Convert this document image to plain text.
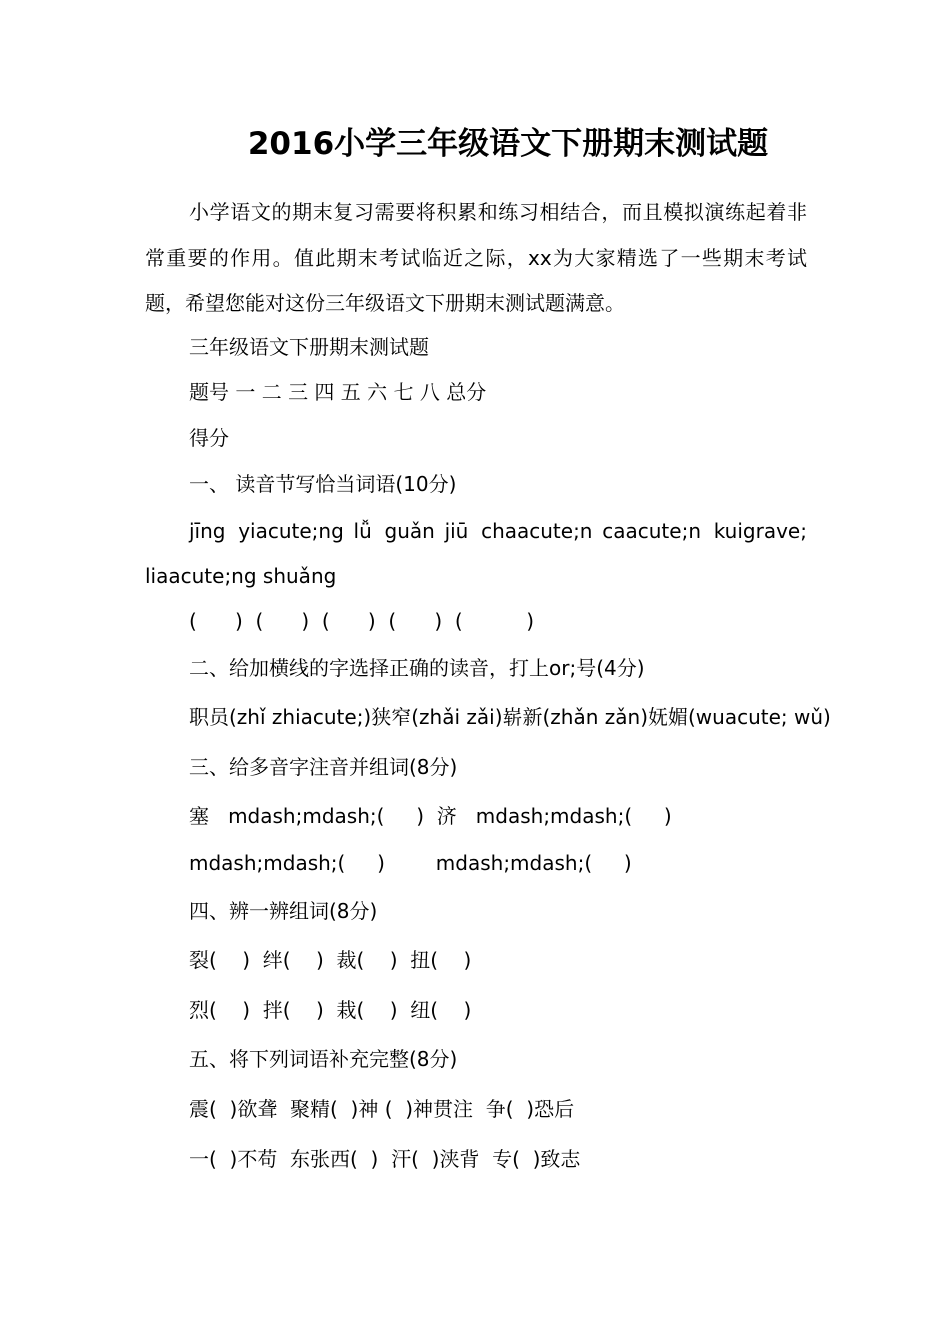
2016小学三年级语文下册期末测试题
小学语文的期末复习需要将积累和练习相结合，而且模拟演练起着非常重要的作用。值此期末考试临近之际，xx为大家精选了一些期末考试题，希望您能对这份三年级语文下册期末测试题满意。
三年级语文下册期末测试题
题号 一 二 三 四 五 六 七 八 总分
得分
一、 读音节写恰当词语(10分)
jīng  yiacute;ng lǚ  guǎn jiū  chaacute;n caacute;n  kuigrave;
liaacute;ng shuǎng
(      )  (      )  (      )  (      )  (          )
二、给加横线的字选择正确的读音，打上or;号(4分)
职员(zhǐ zhiacute;)狭窄(zhǎi zǎi)崭新(zhǎn zǎn)妩媚(wuacute; wǔ)
三、给多音字注音并组词(8分)
塞   mdash;mdash;(     )  济   mdash;mdash;(     )
mdash;mdash;(     )        mdash;mdash;(     )
四、辨一辨组词(8分)
裂(    )  绊(    )  裁(    )  扭(    )
烈(    )  拌(    )  栽(    )  纽(    )
五、将下列词语补充完整(8分)
震(  )欲聋  聚精(  )神 (  )神贯注  争(  )恐后
一(  )不苟  东张西(  )  汗(  )浃背  专(  )致志
